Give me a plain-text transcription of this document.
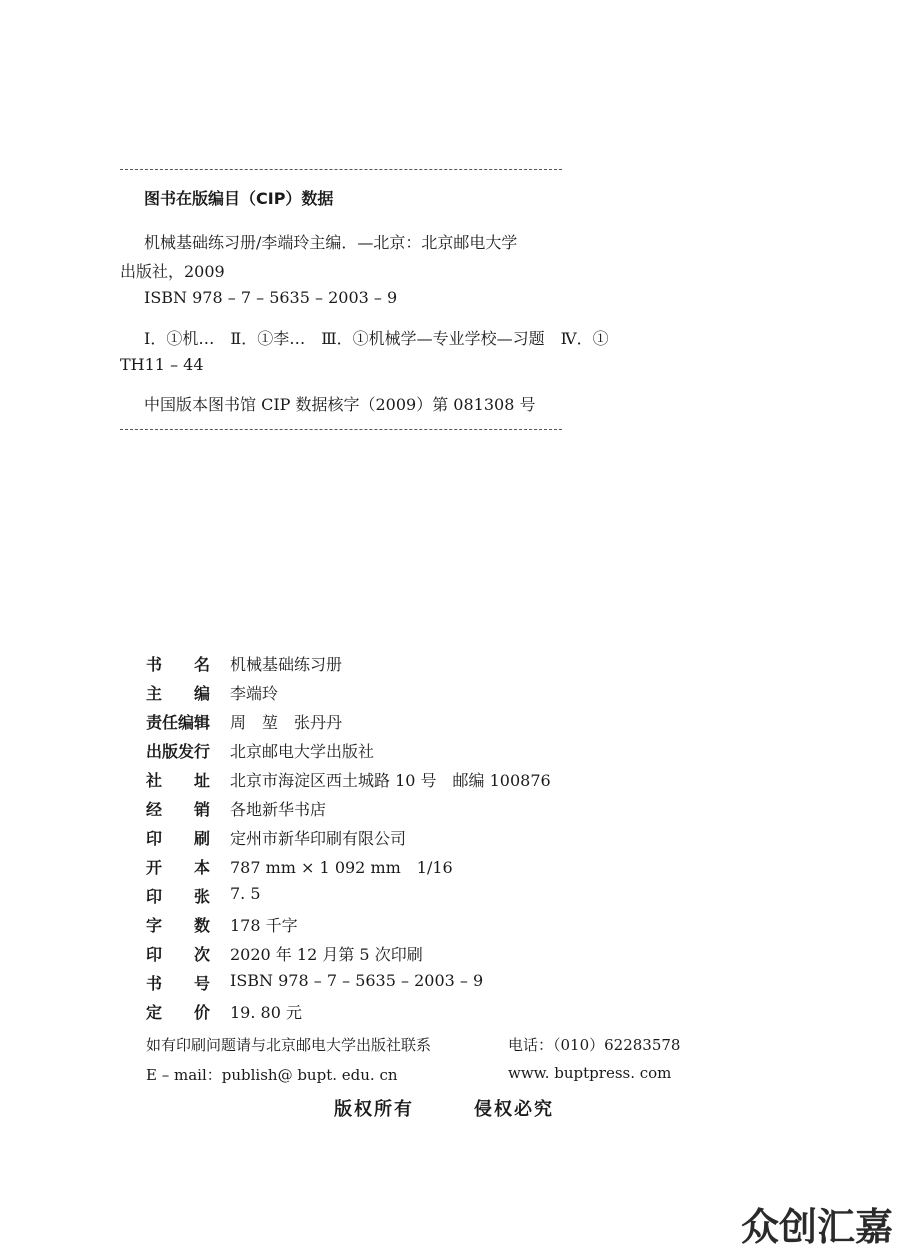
图书在版编目（CIP）数据
机械基础练习册/李端玲主编．—北京：北京邮电大学
出版社，2009
ISBN 978 – 7 – 5635 – 2003 – 9
Ⅰ．①机…　Ⅱ．①李…　Ⅲ．①机械学—专业学校—习题　Ⅳ．①
TH11 – 44
中国版本图书馆 CIP 数据核字（2009）第 081308 号
书 名 机械基础练习册
主 编 李端玲
责任编辑	周　堃　张丹丹
出版发行	北京邮电大学出版社
社 址 北京市海淀区西土城路 10 号　邮编 100876
经 销 各地新华书店
印 刷 定州市新华印刷有限公司
开 本 787 mm × 1 092 mm　1/16
印 张 7. 5
字 数 178 千字
印 次 2020 年 12 月第 5 次印刷
书 号 ISBN 978 – 7 – 5635 – 2003 – 9
定 价 19. 80 元
如有印刷问题请与北京邮电大学出版社联系	电话：（010）62283578
E – mail：publish@ bupt. edu. cn	www. buptpress. com
版权所有	侵权必究
众创汇嘉
